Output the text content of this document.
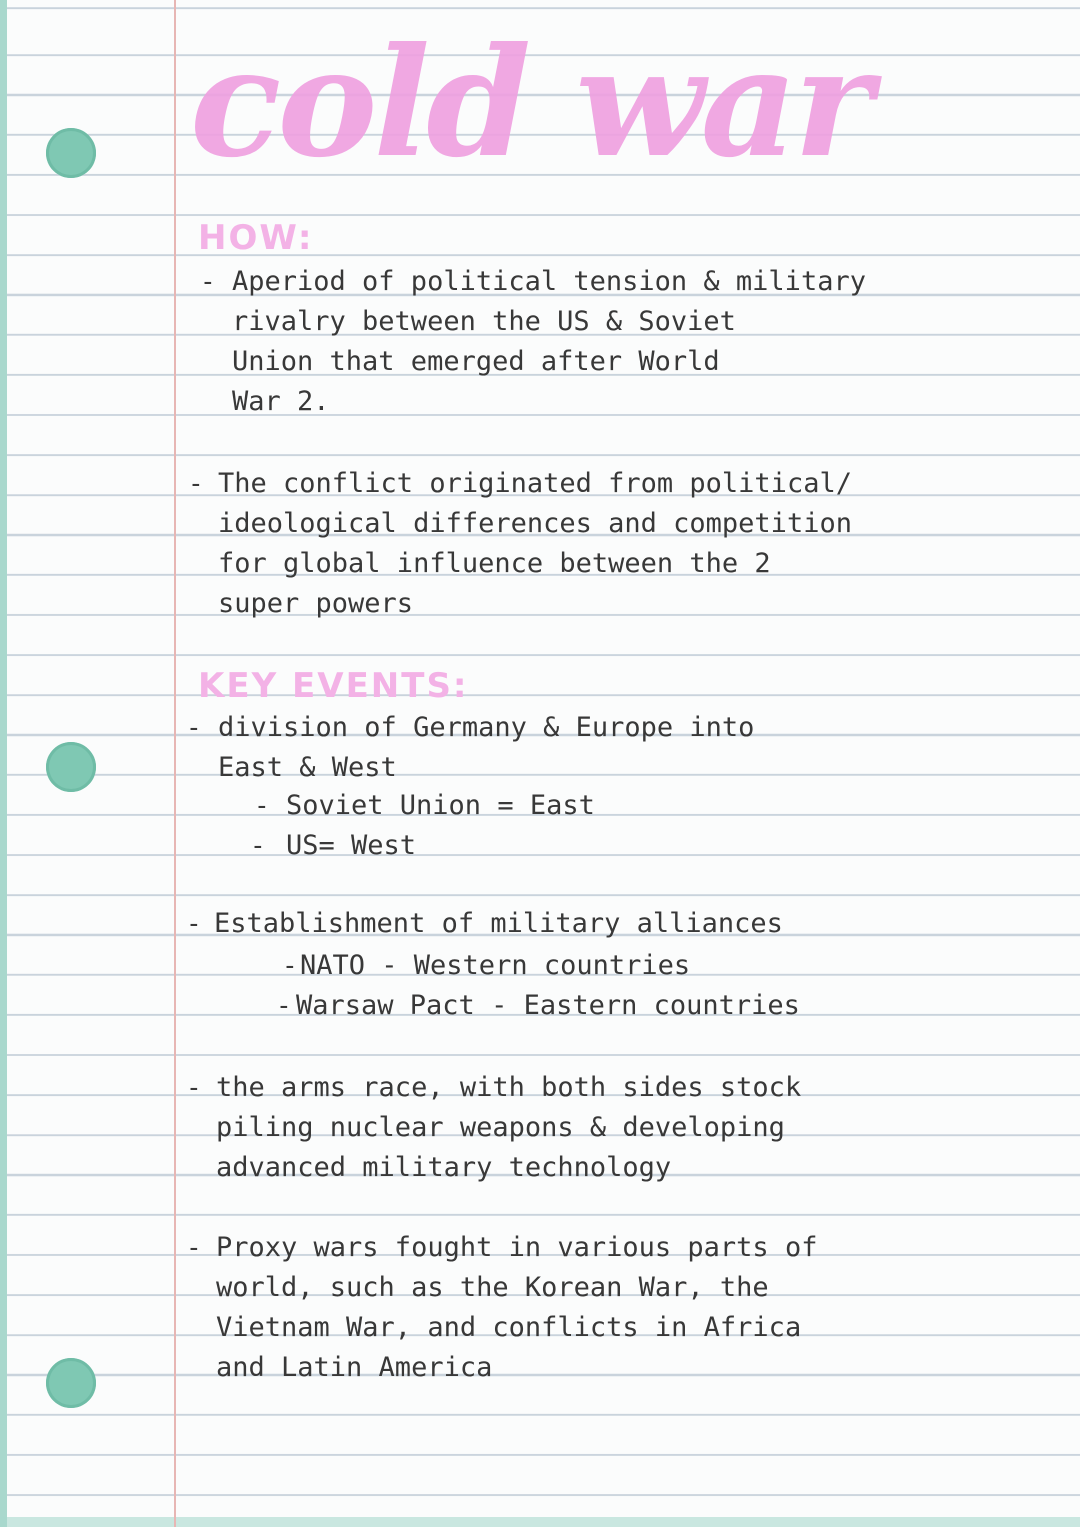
cold war
HOW:
- Aperiod of political tension & military
rivalry between the US & Soviet
Union that emerged after World
War 2.
- The conflict originated from political/
ideological differences and competition
for global influence between the 2
super powers
KEY EVENTS:
- division of Germany & Europe into
East & West
- Soviet Union = East
- US= West
- Establishment of military alliances
- NATO - Western countries
- Warsaw Pact - Eastern countries
- the arms race, with both sides stock
piling nuclear weapons & developing
advanced military technology
- Proxy wars fought in various parts of
world, such as the Korean War, the
Vietnam War, and conflicts in Africa
and Latin America
